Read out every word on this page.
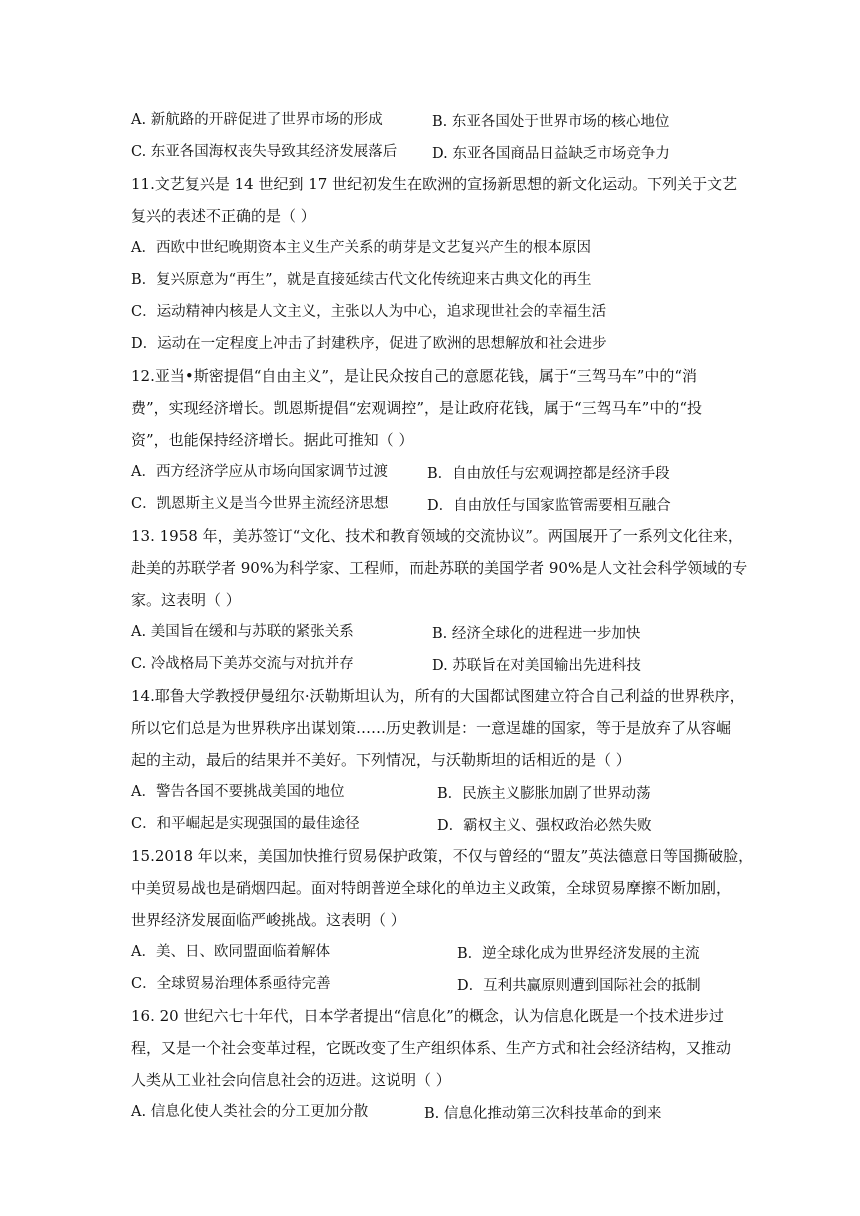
A. 新航路的开辟促进了世界市场的形成	B. 东亚各国处于世界市场的核心地位
C. 东亚各国海权丧失导致其经济发展落后 D. 东亚各国商品日益缺乏市场竞争力
11.文艺复兴是 14 世纪到 17 世纪初发生在欧洲的宣扬新思想的新文化运动。下列关于文艺
复兴的表述不正确的是（ ）
A．西欧中世纪晚期资本主义生产关系的萌芽是文艺复兴产生的根本原因
B．复兴原意为“再生”，就是直接延续古代文化传统迎来古典文化的再生
C．运动精神内核是人文主义，主张以人为中心，追求现世社会的幸福生活
D．运动在一定程度上冲击了封建秩序，促进了欧洲的思想解放和社会进步
12.亚当•斯密提倡“自由主义”，是让民众按自己的意愿花钱，属于“三驾马车”中的“消
费”，实现经济增长。凯恩斯提倡“宏观调控”，是让政府花钱，属于“三驾马车”中的“投
资”，也能保持经济增长。据此可推知（ ）
A．西方经济学应从市场向国家调节过渡	B．自由放任与宏观调控都是经济手段
C．凯恩斯主义是当今世界主流经济思想	D．自由放任与国家监管需要相互融合
13. 1958 年，美苏签订“文化、技术和教育领域的交流协议”。两国展开了一系列文化往来，
赴美的苏联学者 90%为科学家、工程师，而赴苏联的美国学者 90%是人文社会科学领域的专
家。这表明（ ）
A. 美国旨在缓和与苏联的紧张关系	B. 经济全球化的进程进一步加快
C. 冷战格局下美苏交流与对抗并存	D. 苏联旨在对美国输出先进科技
14.耶鲁大学教授伊曼纽尔·沃勒斯坦认为，所有的大国都试图建立符合自己利益的世界秩序，
所以它们总是为世界秩序出谋划策……历史教训是：一意逞雄的国家，等于是放弃了从容崛
起的主动，最后的结果并不美好。下列情况，与沃勒斯坦的话相近的是（ ）
A．警告各国不要挑战美国的地位	B．民族主义膨胀加剧了世界动荡
C．和平崛起是实现强国的最佳途径	D．霸权主义、强权政治必然失败
15.2018 年以来，美国加快推行贸易保护政策，不仅与曾经的“盟友”英法德意日等国撕破脸，
中美贸易战也是硝烟四起。面对特朗普逆全球化的单边主义政策，全球贸易摩擦不断加剧，
世界经济发展面临严峻挑战。这表明（ ）
A．美、日、欧同盟面临着解体	B．逆全球化成为世界经济发展的主流
C．全球贸易治理体系亟待完善	D．互利共赢原则遭到国际社会的抵制
16. 20 世纪六七十年代，日本学者提出“信息化”的概念，认为信息化既是一个技术进步过
程，又是一个社会变革过程，它既改变了生产组织体系、生产方式和社会经济结构，又推动
人类从工业社会向信息社会的迈进。这说明（ ）
A. 信息化使人类社会的分工更加分散	B. 信息化推动第三次科技革命的到来
